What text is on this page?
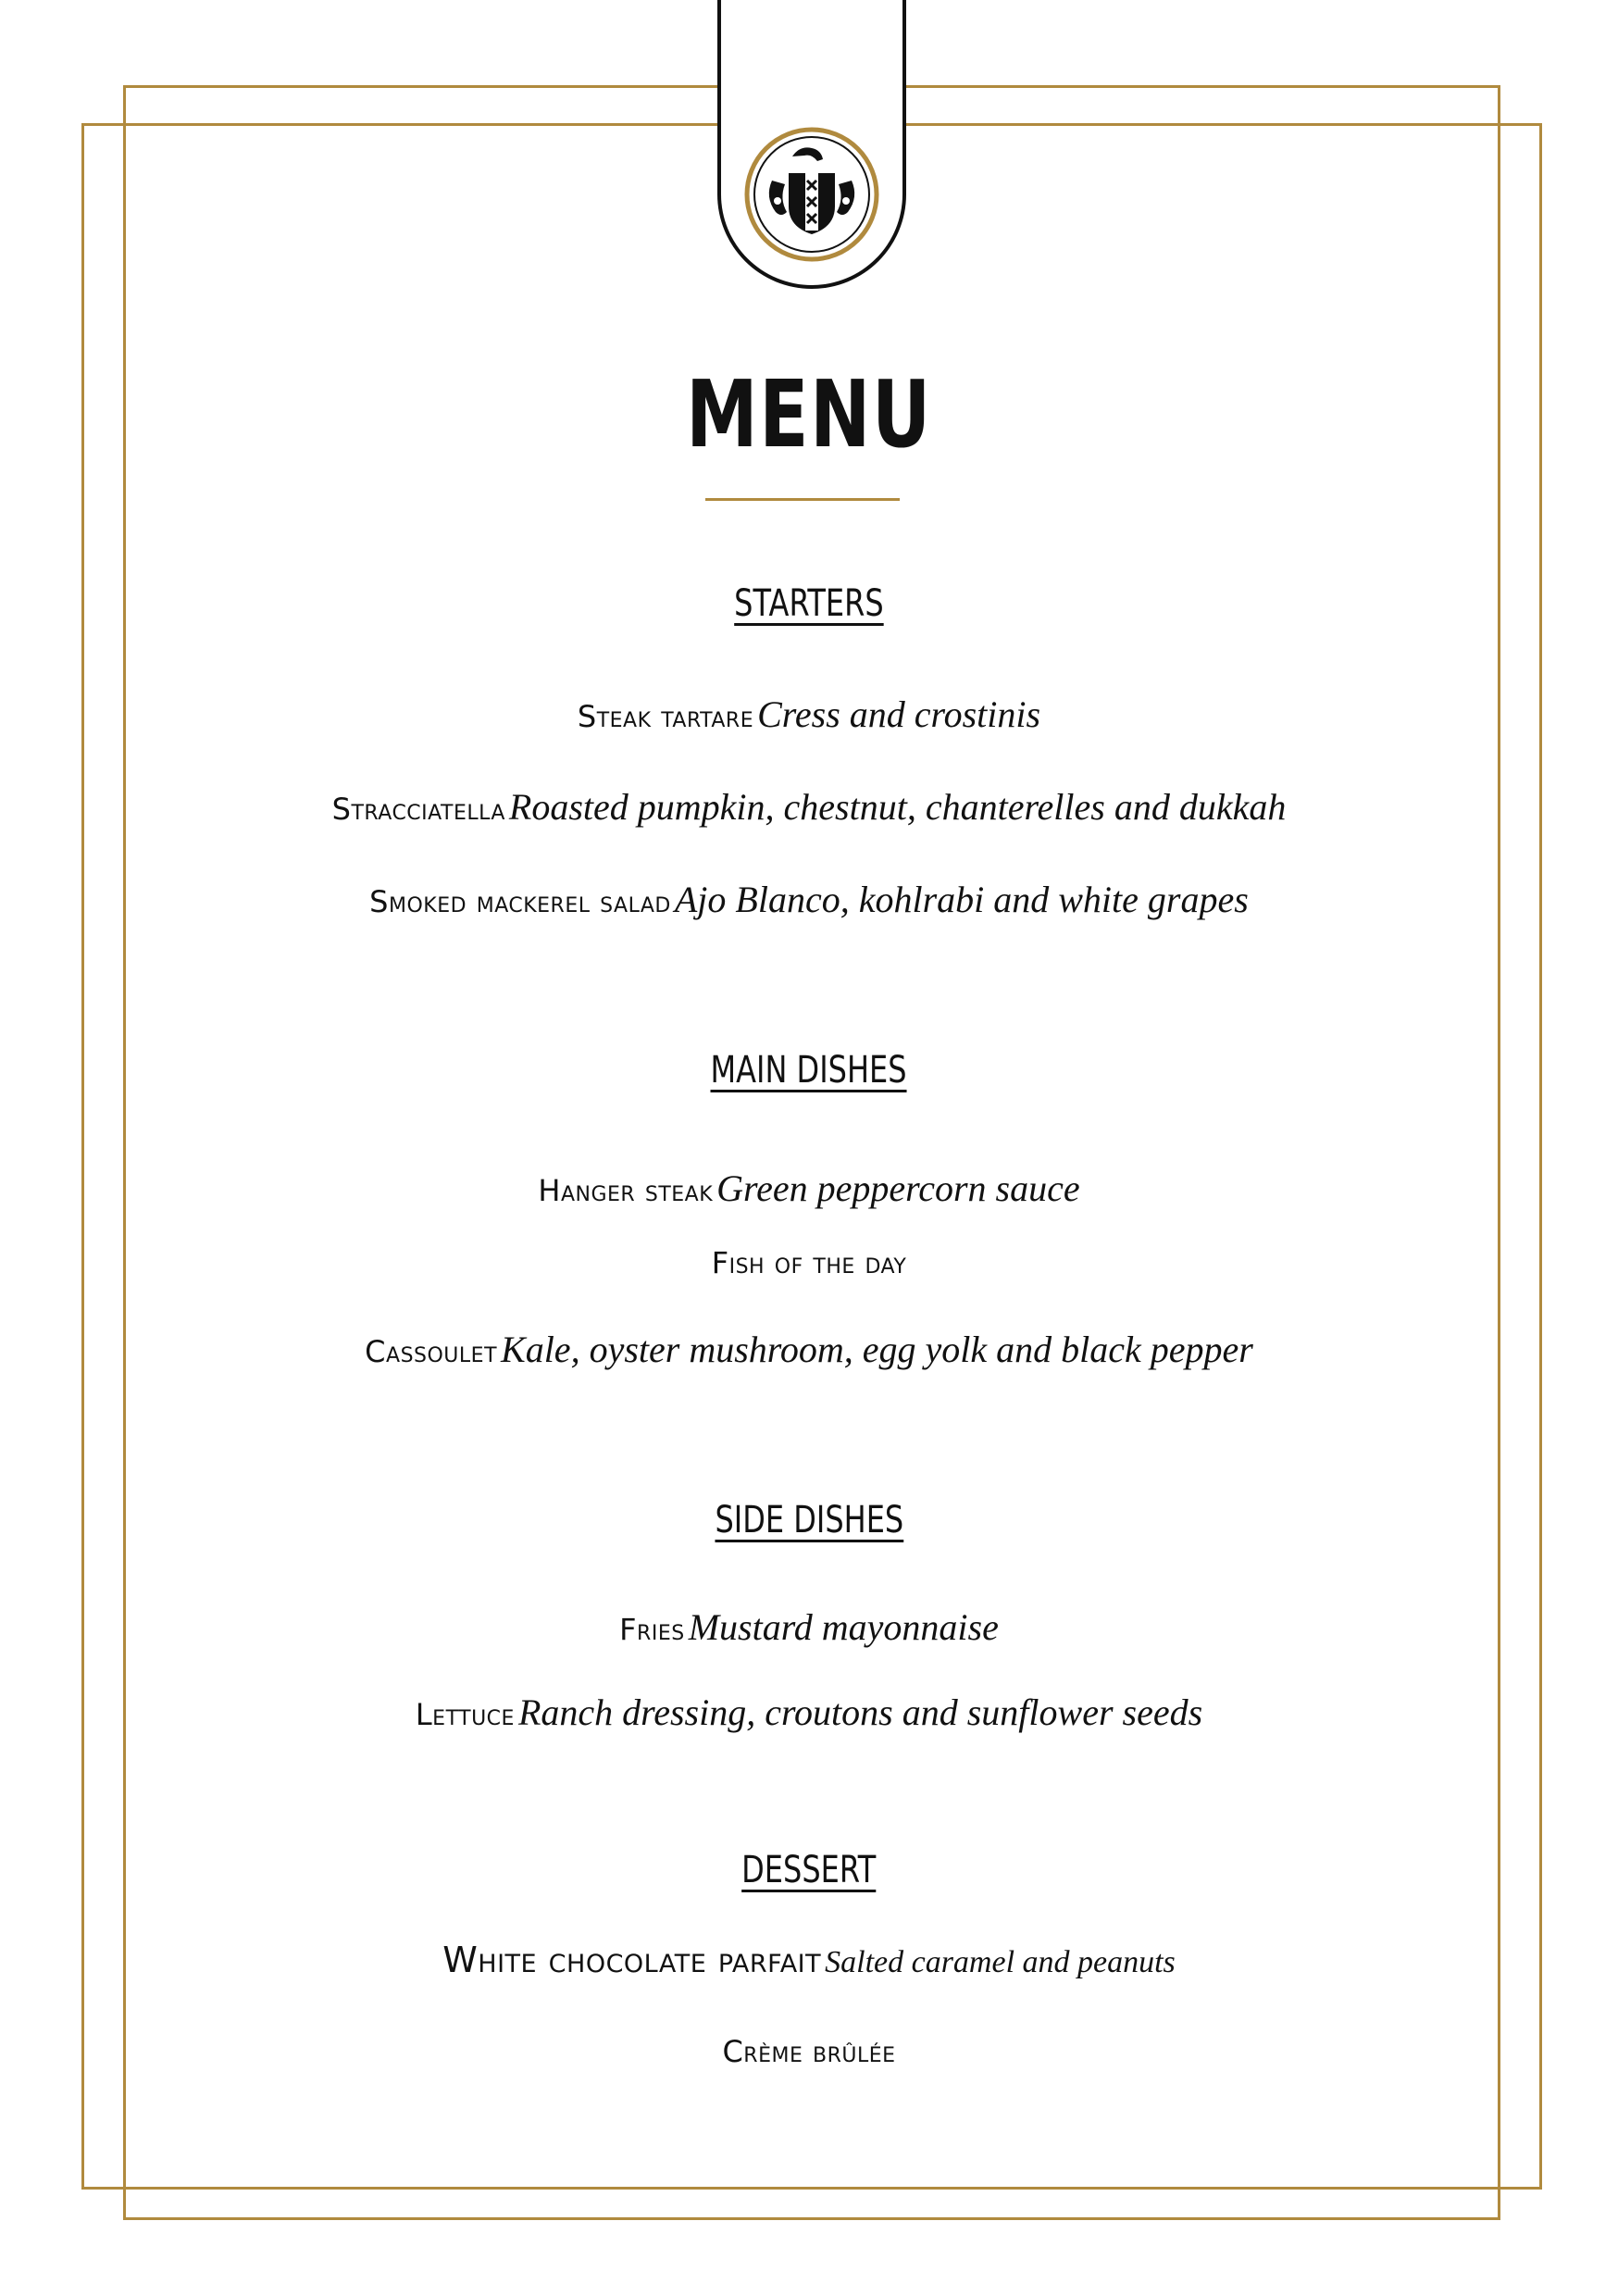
MENU
STARTERS
Steak tartare Cress and crostinis
Stracciatella Roasted pumpkin, chestnut, chanterelles and dukkah
Smoked mackerel salad Ajo Blanco, kohlrabi and white grapes
MAIN DISHES
Hanger steak Green peppercorn sauce
Fish of the day
Cassoulet Kale, oyster mushroom, egg yolk and black pepper
SIDE DISHES
Fries Mustard mayonnaise
Lettuce Ranch dressing, croutons and sunflower seeds
DESSERT
White chocolate parfait Salted caramel and peanuts
Crème brûlée
